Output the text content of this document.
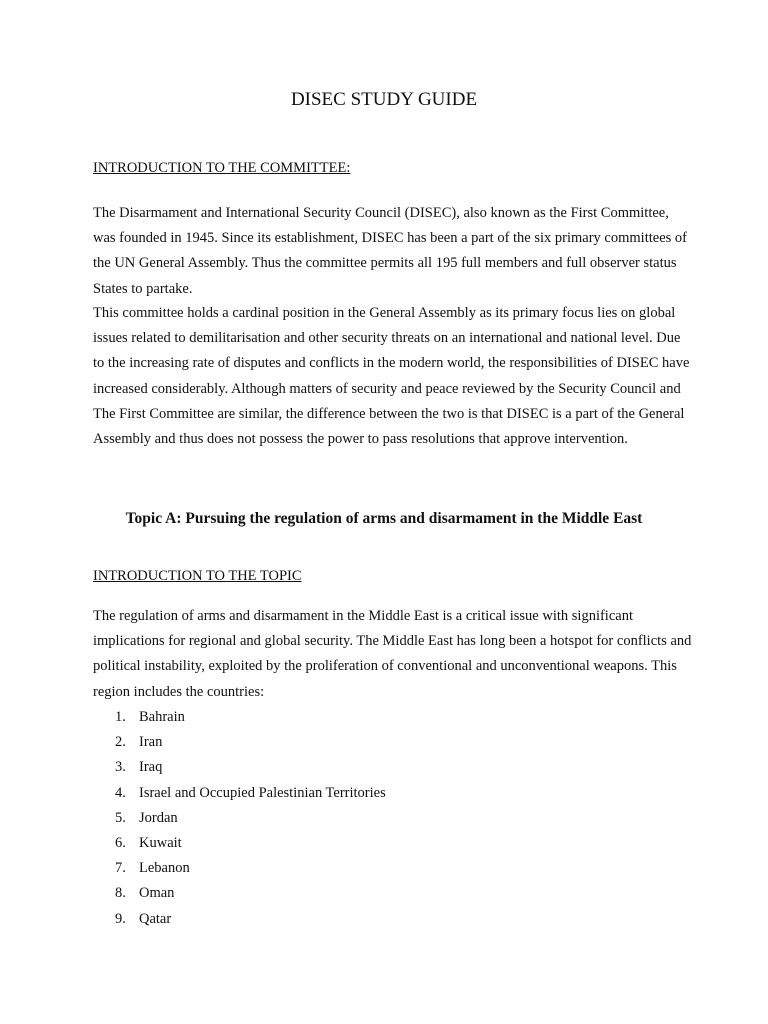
DISEC STUDY GUIDE
INTRODUCTION TO THE COMMITTEE:

The Disarmament and International Security Council (DISEC), also known as the First Committee, was founded in 1945. Since its establishment, DISEC has been a part of the six primary committees of the UN General Assembly. Thus the committee permits all 195 full members and full observer status States to partake.

This committee holds a cardinal position in the General Assembly as its primary focus lies on global issues related to demilitarisation and other security threats on an international and national level. Due to the increasing rate of disputes and conflicts in the modern world, the responsibilities of DISEC have increased considerably. Although matters of security and peace reviewed by the Security Council and The First Committee are similar, the difference between the two is that DISEC is a part of the General Assembly and thus does not possess the power to pass resolutions that approve intervention.

Topic A: Pursuing the regulation of arms and disarmament in the Middle East
INTRODUCTION TO THE TOPIC

The regulation of arms and disarmament in the Middle East is a critical issue with significant implications for regional and global security. The Middle East has long been a hotspot for conflicts and political instability, exploited by the proliferation of conventional and unconventional weapons. This region includes the countries:

1. Bahrain
2. Iran
3. Iraq
4. Israel and Occupied Palestinian Territories
5. Jordan
6. Kuwait
7. Lebanon
8. Oman
9. Qatar
